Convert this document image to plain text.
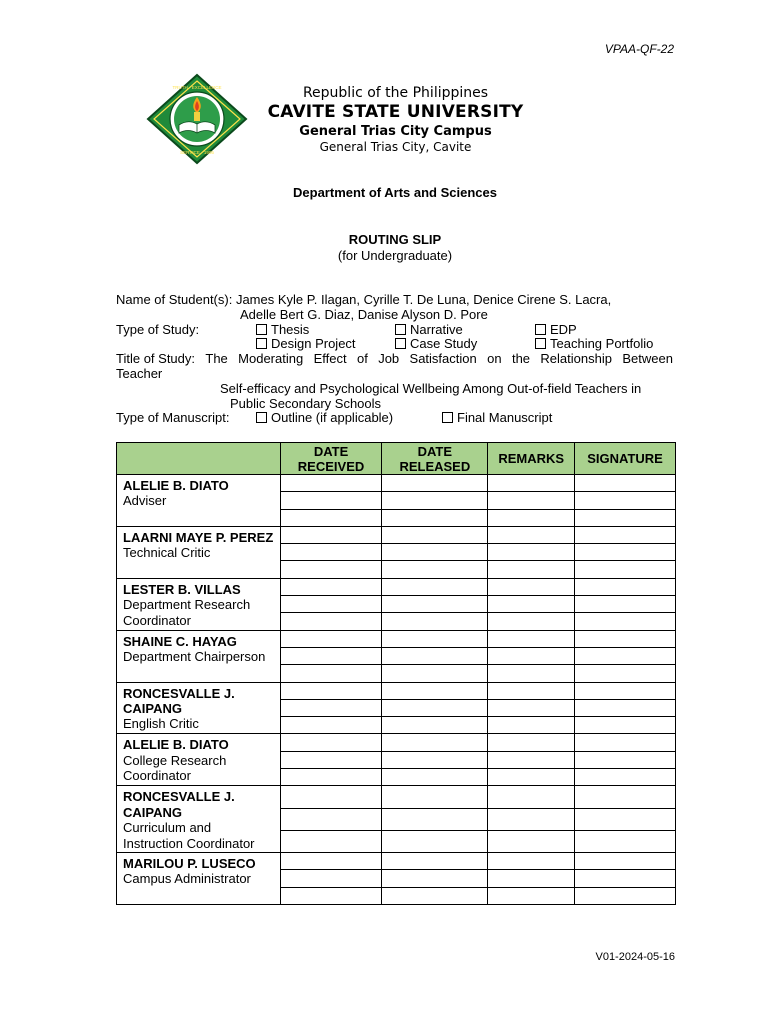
VPAA-QF-22
TRUTH · EXCELLENCE
SERVICE · 1906
Republic of the Philippines
CAVITE STATE UNIVERSITY
General Trias City Campus
General Trias City, Cavite
Department of Arts and Sciences
ROUTING SLIP
(for Undergraduate)
Name of Student(s): James Kyle P. Ilagan, Cyrille T. De Luna, Denice Cirene S. Lacra,
Adelle Bert G. Diaz, Danise Alyson D. Pore
Type of Study:	Thesis	Narrative	EDP
Design Project	Case Study	Teaching Portfolio
Title of Study: The Moderating Effect of Job Satisfaction on the Relationship Between
Teacher
Self-efficacy and Psychological Wellbeing Among Out-of-field Teachers in
Public Secondary Schools
Type of Manuscript:	Outline (if applicable)	Final Manuscript
	DATE RECEIVED	DATE RELEASED	REMARKS	SIGNATURE

ALELIE B. DIATO
Adviser				

LAARNI MAYE P. PEREZ
Technical Critic				

LESTER B. VILLAS
Department Research Coordinator				

SHAINE C. HAYAG
Department Chairperson				

RONCESVALLE J. CAIPANG
English Critic				

ALELIE B. DIATO
College Research Coordinator				

RONCESVALLE J. CAIPANG
Curriculum and Instruction Coordinator				

MARILOU P. LUSECO
Campus Administrator				

V01-2024-05-16
